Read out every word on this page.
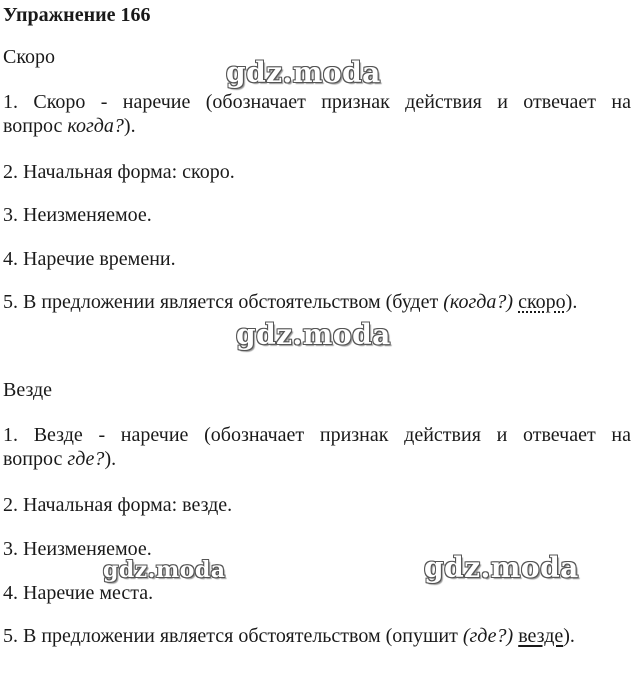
Упражнение 166
Скоро
1. Скоро - наречие (обозначает признак действия и отвечает на
вопрос когда?).
2. Начальная форма: скоро.
3. Неизменяемое.
4. Наречие времени.
5. В предложении является обстоятельством (будет (когда?) скоро).
Везде
1. Везде - наречие (обозначает признак действия и отвечает на
вопрос где?).
2. Начальная форма: везде.
3. Неизменяемое.
4. Наречие места.
5. В предложении является обстоятельством (опушит (где?) везде).
gdz.moda
gdz.moda
gdz.moda	gdz.moda
